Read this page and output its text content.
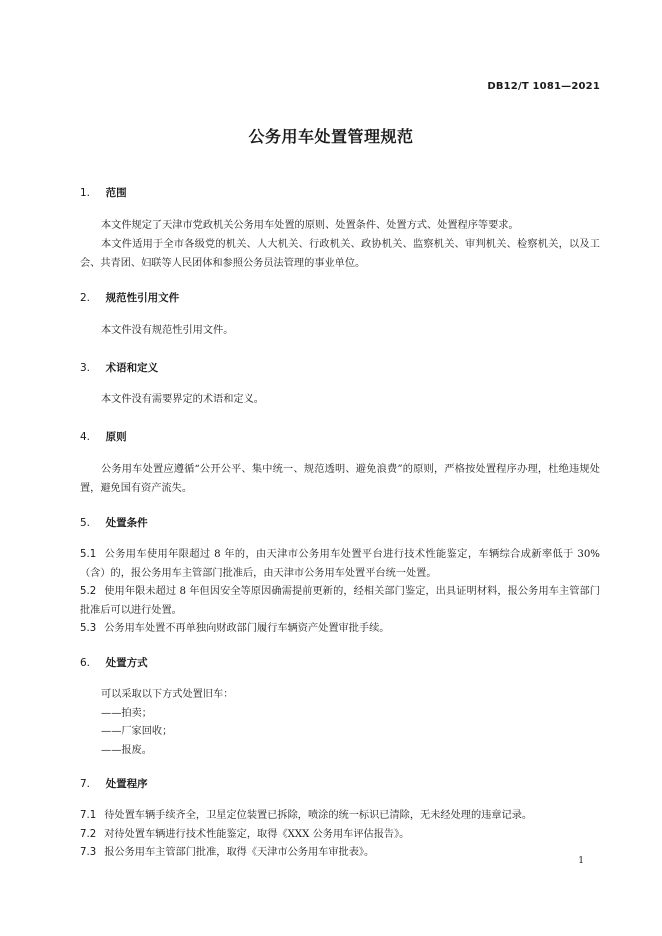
DB12/T 1081—2021
公务用车处置管理规范
1. 范围
本文件规定了天津市党政机关公务用车处置的原则、处置条件、处置方式、处置程序等要求。
本文件适用于全市各级党的机关、人大机关、行政机关、政协机关、监察机关、审判机关、检察机关，以及工会、共青团、妇联等人民团体和参照公务员法管理的事业单位。
2. 规范性引用文件
本文件没有规范性引用文件。
3. 术语和定义
本文件没有需要界定的术语和定义。
4. 原则
公务用车处置应遵循“公开公平、集中统一、规范透明、避免浪费”的原则，严格按处置程序办理，杜绝违规处置，避免国有资产流失。
5. 处置条件
5.1 公务用车使用年限超过 8 年的，由天津市公务用车处置平台进行技术性能鉴定，车辆综合成新率低于 30%（含）的，报公务用车主管部门批准后，由天津市公务用车处置平台统一处置。
5.2 使用年限未超过 8 年但因安全等原因确需提前更新的，经相关部门鉴定，出具证明材料，报公务用车主管部门批准后可以进行处置。
5.3 公务用车处置不再单独向财政部门履行车辆资产处置审批手续。
6. 处置方式
可以采取以下方式处置旧车：
——拍卖；
——厂家回收；
——报废。
7. 处置程序
7.1 待处置车辆手续齐全，卫星定位装置已拆除，喷涂的统一标识已清除，无未经处理的违章记录。
7.2 对待处置车辆进行技术性能鉴定，取得《XXX 公务用车评估报告》。
7.3 报公务用车主管部门批准，取得《天津市公务用车审批表》。
1
